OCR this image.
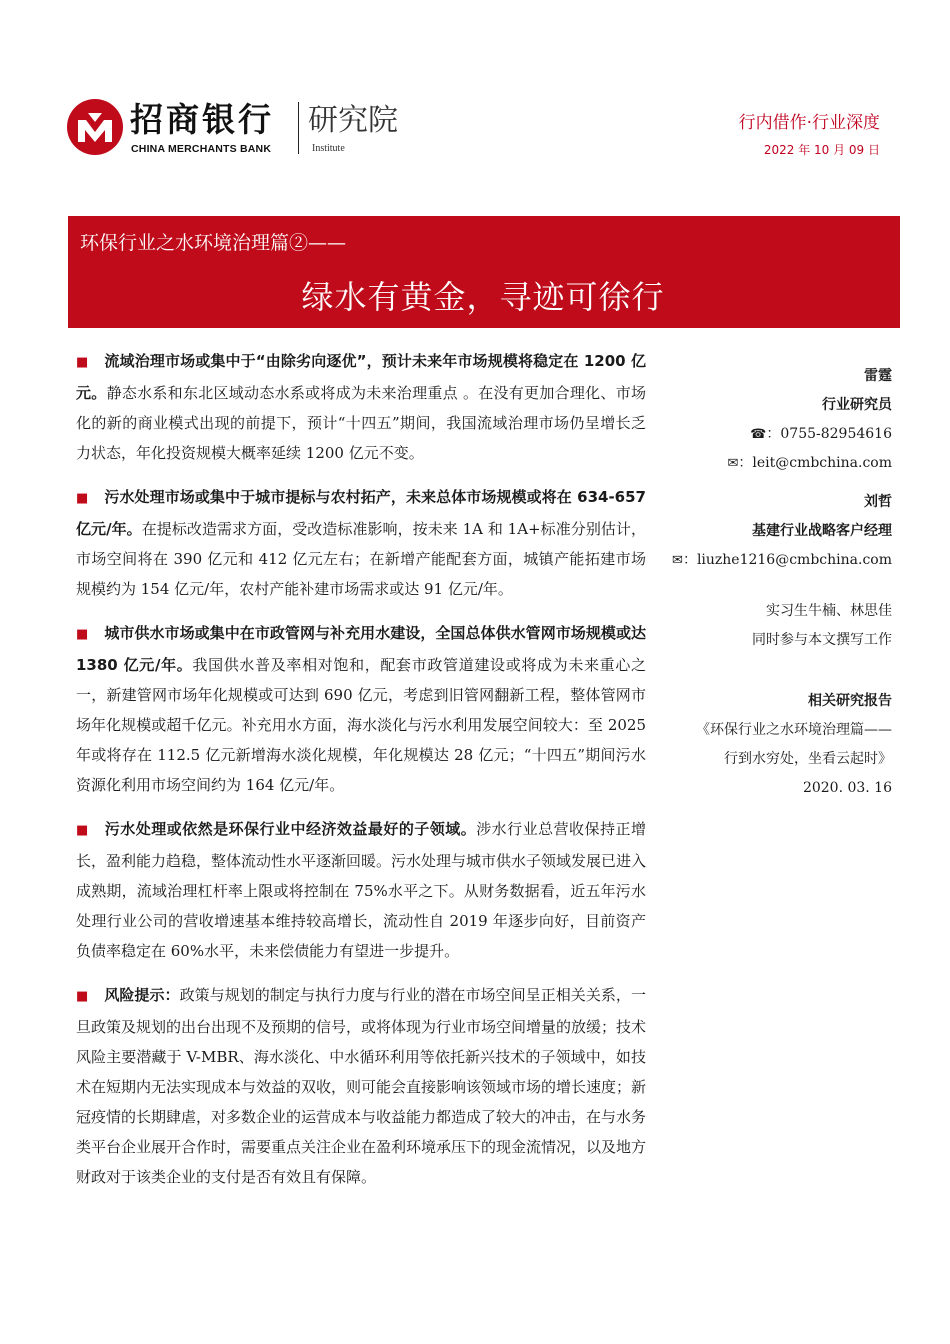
招商银行
CHINA MERCHANTS BANK
研究院
Institute
行内借作·行业深度
2022 年 10 月 09 日
环保行业之水环境治理篇②——
绿水有黄金，寻迹可徐行

■ 流域治理市场或集中于“由除劣向逐优”，预计未来年市场规模将稳定在 1200 亿元。静态水系和东北区域动态水系或将成为未来治理重点 。在没有更加合理化、市场化的新的商业模式出现的前提下，预计“十四五”期间，我国流域治理市场仍呈增长乏力状态，年化投资规模大概率延续 1200 亿元不变。

■ 污水处理市场或集中于城市提标与农村拓产，未来总体市场规模或将在 634-657 亿元/年。在提标改造需求方面，受改造标准影响，按未来 1A 和 1A+标准分别估计，市场空间将在 390 亿元和 412 亿元左右；在新增产能配套方面，城镇产能拓建市场规模约为 154 亿元/年，农村产能补建市场需求或达 91 亿元/年。

■ 城市供水市场或集中在市政管网与补充用水建设，全国总体供水管网市场规模或达 1380 亿元/年。我国供水普及率相对饱和，配套市政管道建设或将成为未来重心之一，新建管网市场年化规模或可达到 690 亿元，考虑到旧管网翻新工程，整体管网市场年化规模或超千亿元。补充用水方面，海水淡化与污水利用发展空间较大：至 2025 年或将存在 112.5 亿元新增海水淡化规模，年化规模达 28 亿元；“十四五”期间污水资源化利用市场空间约为 164 亿元/年。

■ 污水处理或依然是环保行业中经济效益最好的子领域。涉水行业总营收保持正增长，盈利能力趋稳，整体流动性水平逐渐回暖。污水处理与城市供水子领域发展已进入成熟期，流域治理杠杆率上限或将控制在 75%水平之下。从财务数据看，近五年污水处理行业公司的营收增速基本维持较高增长，流动性自 2019 年逐步向好，目前资产负债率稳定在 60%水平，未来偿债能力有望进一步提升。

■ 风险提示：政策与规划的制定与执行力度与行业的潜在市场空间呈正相关关系，一旦政策及规划的出台出现不及预期的信号，或将体现为行业市场空间增量的放缓；技术风险主要潜藏于 V-MBR、海水淡化、中水循环利用等依托新兴技术的子领域中，如技术在短期内无法实现成本与效益的双收，则可能会直接影响该领域市场的增长速度；新冠疫情的长期肆虐，对多数企业的运营成本与收益能力都造成了较大的冲击，在与水务类平台企业展开合作时，需要重点关注企业在盈利环境承压下的现金流情况，以及地方财政对于该类企业的支付是否有效且有保障。

雷霆
行业研究员
☎：0755-82954616
✉：leit@cmbchina.com
刘哲
基建行业战略客户经理
✉：liuzhe1216@cmbchina.com
实习生牛楠、林思佳
同时参与本文撰写工作
相关研究报告
《环保行业之水环境治理篇——
行到水穷处，坐看云起时》
2020. 03. 16
